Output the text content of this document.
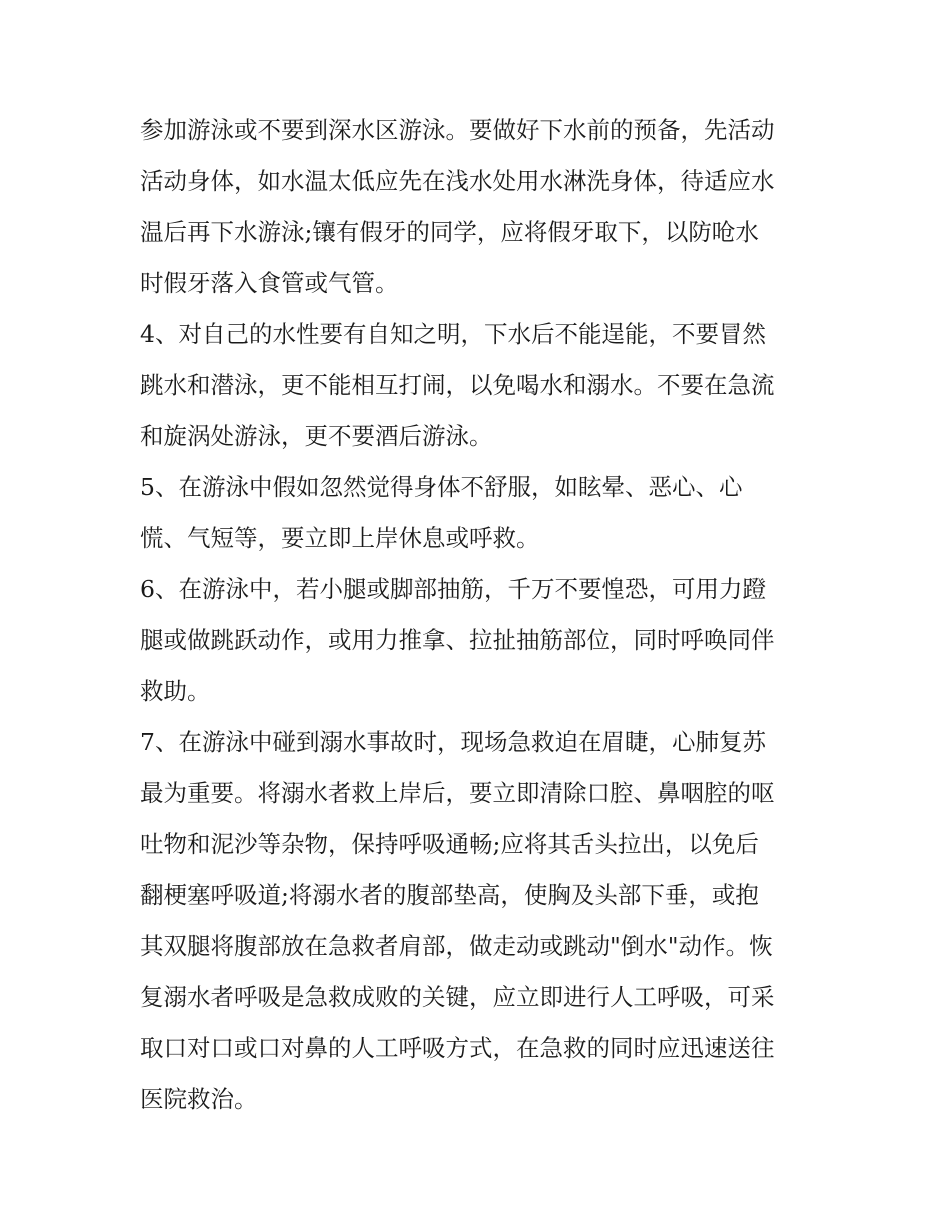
参加游泳或不要到深水区游泳。要做好下水前的预备，先活动
活动身体，如水温太低应先在浅水处用水淋洗身体，待适应水
温后再下水游泳;镶有假牙的同学，应将假牙取下，以防呛水
时假牙落入食管或气管。
4、对自己的水性要有自知之明，下水后不能逞能，不要冒然
跳水和潜泳，更不能相互打闹，以免喝水和溺水。不要在急流
和旋涡处游泳，更不要酒后游泳。
5、在游泳中假如忽然觉得身体不舒服，如眩晕、恶心、心
慌、气短等，要立即上岸休息或呼救。
6、在游泳中，若小腿或脚部抽筋，千万不要惶恐，可用力蹬
腿或做跳跃动作，或用力推拿、拉扯抽筋部位，同时呼唤同伴
救助。
7、在游泳中碰到溺水事故时，现场急救迫在眉睫，心肺复苏
最为重要。将溺水者救上岸后，要立即清除口腔、鼻咽腔的呕
吐物和泥沙等杂物，保持呼吸通畅;应将其舌头拉出，以免后
翻梗塞呼吸道;将溺水者的腹部垫高，使胸及头部下垂，或抱
其双腿将腹部放在急救者肩部，做走动或跳动"倒水"动作。恢
复溺水者呼吸是急救成败的关键，应立即进行人工呼吸，可采
取口对口或口对鼻的人工呼吸方式，在急救的同时应迅速送往
医院救治。
